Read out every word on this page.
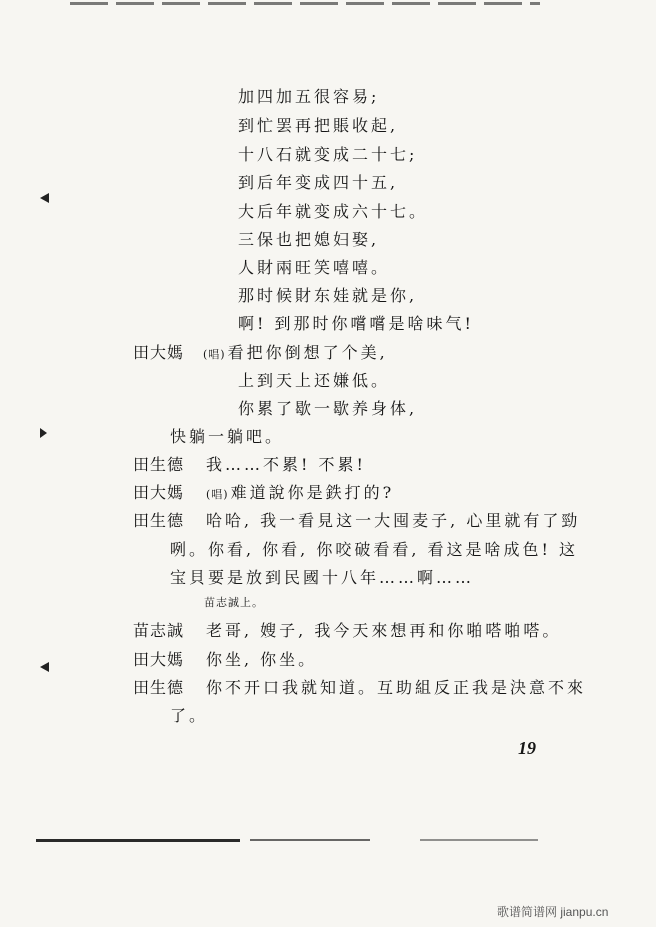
加四加五很容易;
到忙罢再把賬收起,
十八石就变成二十七;
到后年变成四十五,
大后年就变成六十七。
三保也把媳妇娶,
人財兩旺笑嘻嘻。
那时候財东娃就是你,
啊! 到那时你嚐嚐是啥味气!
田大媽 (唱) 看把你倒想了个美,
上到天上还嫌低。
你累了歇一歇养身体,
快躺一躺吧。
田生德 我……不累! 不累!
田大媽 (唱) 难道說你是鉄打的?
田生德 哈哈, 我一看見这一大囤麦子, 心里就有了勁
咧。你看, 你看, 你咬破看看, 看这是啥成色! 这
宝貝要是放到民國十八年……啊……
苗志誠上。
苗志誠 老哥, 嫂子, 我今天來想再和你啪嗒啪嗒。
田大媽 你坐, 你坐。
田生德 你不开口我就知道。互助組反正我是決意不來
了。
19
歌谱简谱网 jianpu.cn
